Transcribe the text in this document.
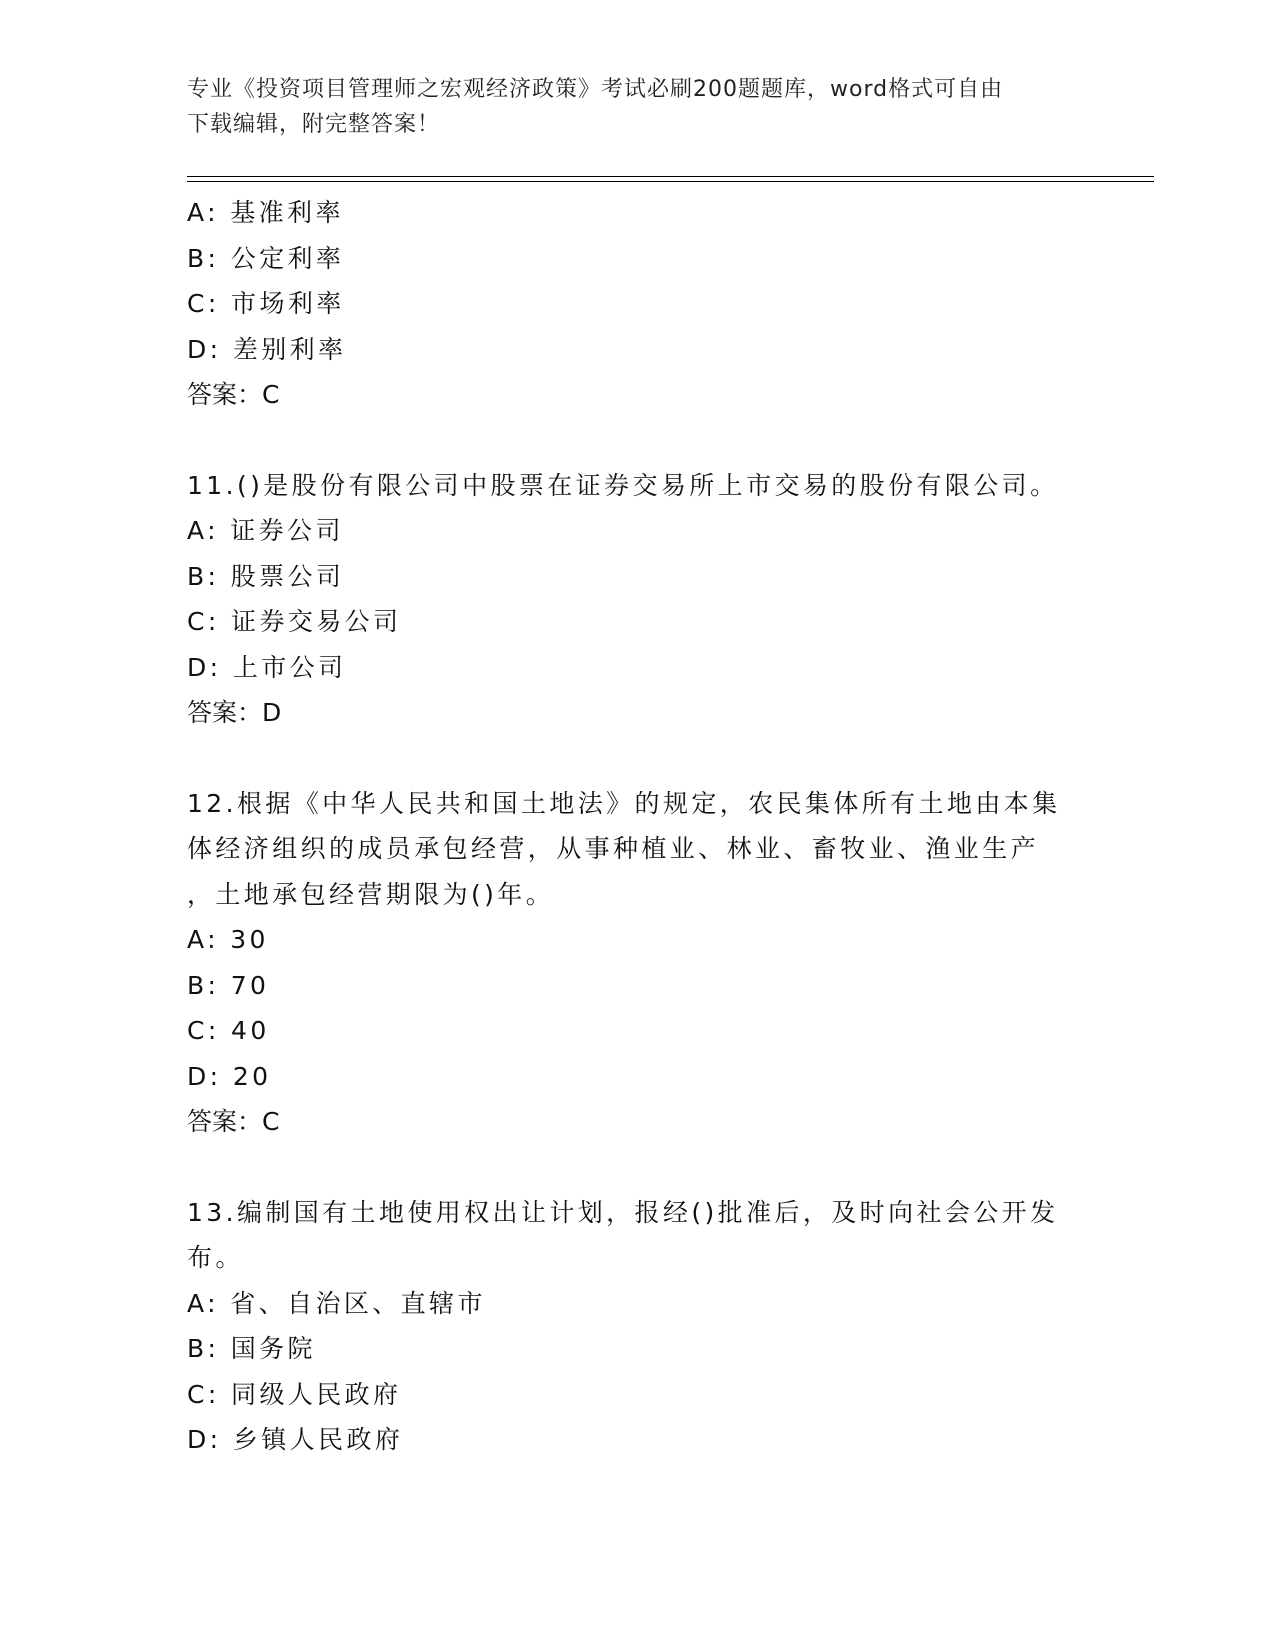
专业《投资项目管理师之宏观经济政策》考试必刷200题题库，word格式可自由
下载编辑，附完整答案！
A: 基准利率
B: 公定利率
C: 市场利率
D: 差别利率
答案：C
11.()是股份有限公司中股票在证券交易所上市交易的股份有限公司。
A: 证券公司
B: 股票公司
C: 证券交易公司
D: 上市公司
答案：D
12.根据《中华人民共和国土地法》的规定，农民集体所有土地由本集
体经济组织的成员承包经营，从事种植业、林业、畜牧业、渔业生产
，土地承包经营期限为()年。
A: 30
B: 70
C: 40
D: 20
答案：C
13.编制国有土地使用权出让计划，报经()批准后，及时向社会公开发
布。
A: 省、自治区、直辖市
B: 国务院
C: 同级人民政府
D: 乡镇人民政府
